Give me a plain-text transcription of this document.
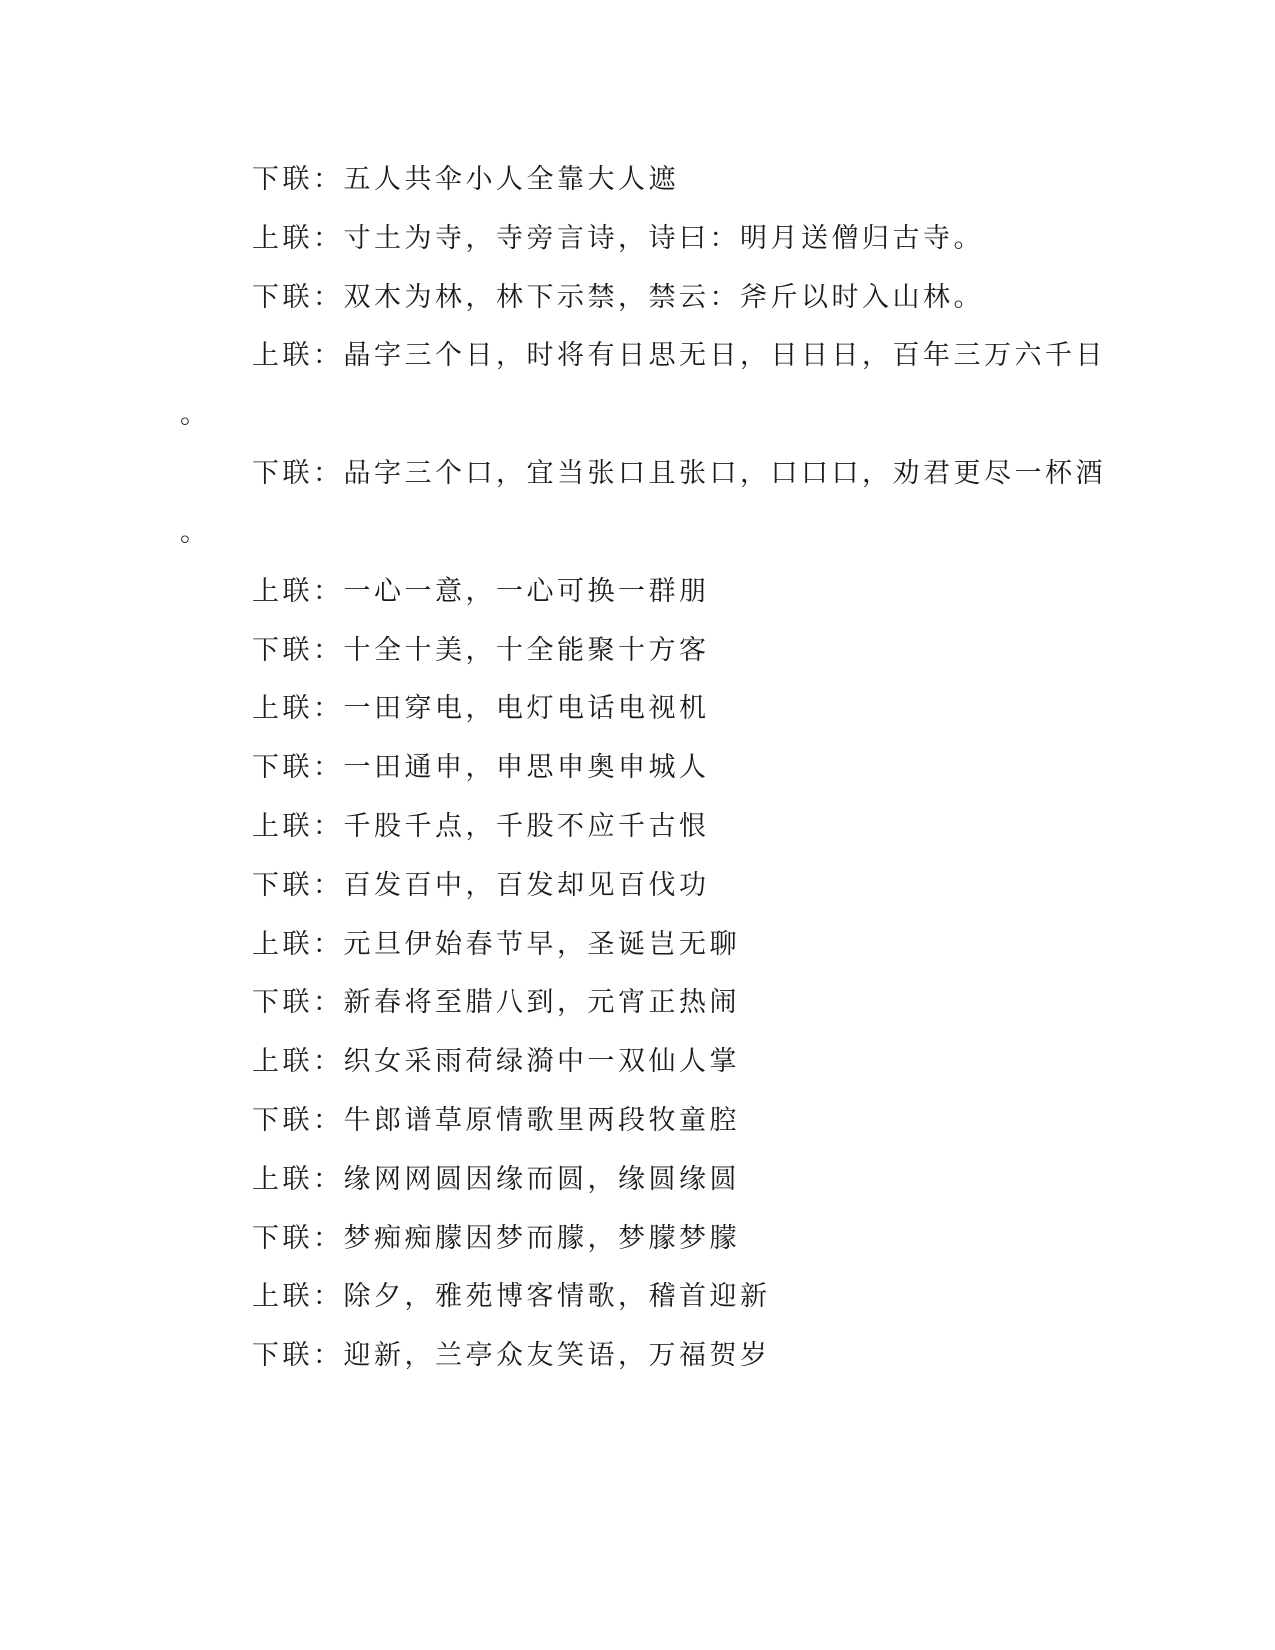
下联：五人共伞小人全靠大人遮
上联：寸土为寺，寺旁言诗，诗曰：明月送僧归古寺。
下联：双木为林，林下示禁，禁云：斧斤以时入山林。
上联：晶字三个日，时将有日思无日，日日日，百年三万六千日
。
下联：品字三个口，宜当张口且张口，口口口，劝君更尽一杯酒
。
上联：一心一意，一心可换一群朋
下联：十全十美，十全能聚十方客
上联：一田穿电，电灯电话电视机
下联：一田通申，申思申奥申城人
上联：千股千点，千股不应千古恨
下联：百发百中，百发却见百伐功
上联：元旦伊始春节早，圣诞岂无聊
下联：新春将至腊八到，元宵正热闹
上联：织女采雨荷绿漪中一双仙人掌
下联：牛郎谱草原情歌里两段牧童腔
上联：缘网网圆因缘而圆，缘圆缘圆
下联：梦痴痴朦因梦而朦，梦朦梦朦
上联：除夕，雅苑博客情歌，稽首迎新
下联：迎新，兰亭众友笑语，万福贺岁
